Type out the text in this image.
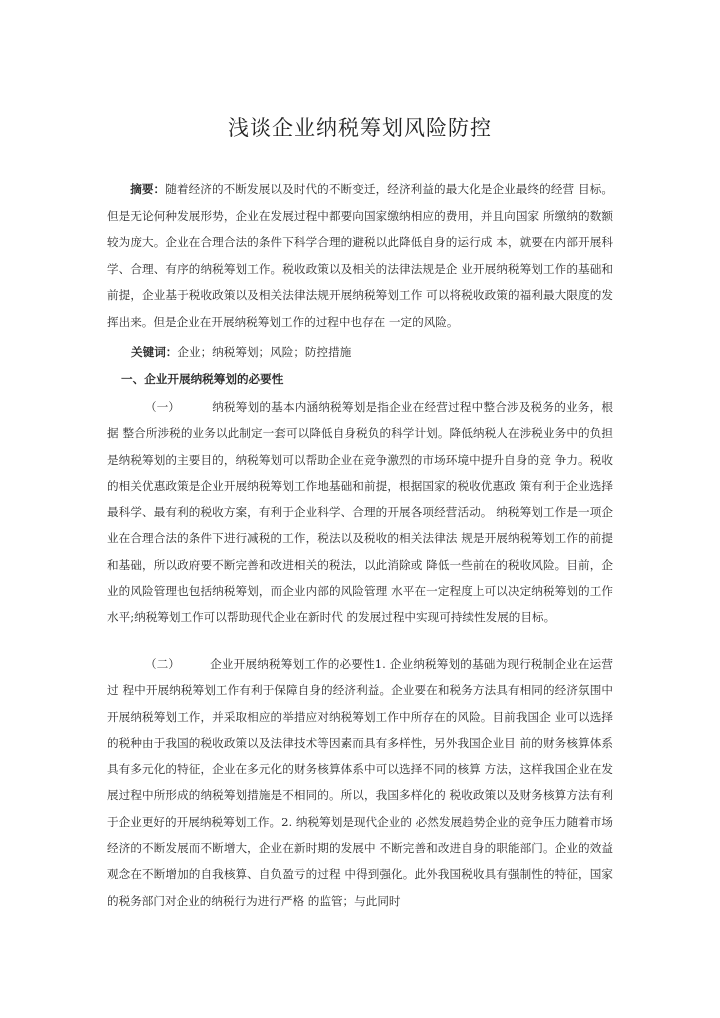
浅谈企业纳税筹划风险防控
摘要：随着经济的不断发展以及时代的不断变迁，经济利益的最大化是企业最终的经营 目标。但是无论何种发展形势，企业在发展过程中都要向国家缴纳相应的费用，并且向国家 所缴纳的数额较为庞大。企业在合理合法的条件下科学合理的避税以此降低自身的运行成 本，就要在内部开展科学、合理、有序的纳税筹划工作。税收政策以及相关的法律法规是企 业开展纳税筹划工作的基础和前提，企业基于税收政策以及相关法律法规开展纳税筹划工作 可以将税收政策的福利最大限度的发挥出来。但是企业在开展纳税筹划工作的过程中也存在 一定的风险。
关键词：企业；纳税筹划；风险；防控措施
一、企业开展纳税筹划的必要性
（一）	纳税筹划的基本内涵纳税筹划是指企业在经营过程中整合涉及税务的业务，根据 整合所涉税的业务以此制定一套可以降低自身税负的科学计划。降低纳税人在涉税业务中的负担是纳税筹划的主要目的，纳税筹划可以帮助企业在竞争激烈的市场环境中提升自身的竞 争力。税收的相关优惠政策是企业开展纳税筹划工作地基础和前提，根据国家的税收优惠政 策有利于企业选择最科学、最有利的税收方案，有利于企业科学、合理的开展各项经营活动。 纳税筹划工作是一项企业在合理合法的条件下进行减税的工作，税法以及税收的相关法律法 规是开展纳税筹划工作的前提和基础，所以政府要不断完善和改进相关的税法，以此消除或 降低一些前在的税收风险。目前，企业的风险管理也包括纳税筹划，而企业内部的风险管理 水平在一定程度上可以决定纳税筹划的工作水平;纳税筹划工作可以帮助现代企业在新时代 的发展过程中实现可持续性发展的目标。
（二）	企业开展纳税筹划工作的必要性1. 企业纳税筹划的基础为现行税制企业在运营过 程中开展纳税筹划工作有利于保障自身的经济利益。企业要在和税务方法具有相同的经济氛围中开展纳税筹划工作，并采取相应的举措应对纳税筹划工作中所存在的风险。目前我国企 业可以选择的税种由于我国的税收政策以及法律技术等因素而具有多样性，另外我国企业目 前的财务核算体系具有多元化的特征，企业在多元化的财务核算体系中可以选择不同的核算 方法，这样我国企业在发展过程中所形成的纳税筹划措施是不相同的。所以，我国多样化的 税收政策以及财务核算方法有利于企业更好的开展纳税筹划工作。2. 纳税筹划是现代企业的 必然发展趋势企业的竞争压力随着市场经济的不断发展而不断增大，企业在新时期的发展中 不断完善和改进自身的职能部门。企业的效益观念在不断增加的自我核算、自负盈亏的过程 中得到强化。此外我国税收具有强制性的特征，国家的税务部门对企业的纳税行为进行严格 的监管；与此同时
